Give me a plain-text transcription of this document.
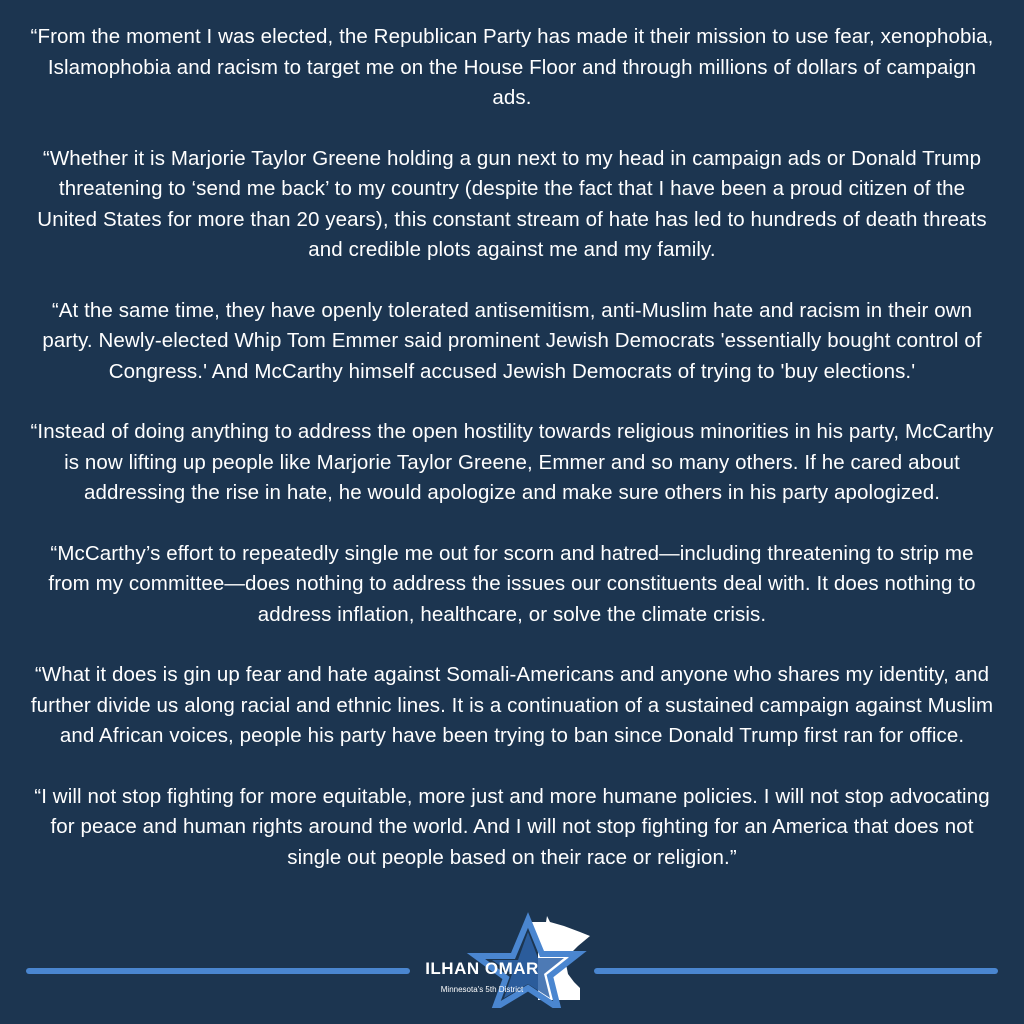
“From the moment I was elected, the Republican Party has made it their mission to use fear, xenophobia, Islamophobia and racism to target me on the House Floor and through millions of dollars of campaign ads.

“Whether it is Marjorie Taylor Greene holding a gun next to my head in campaign ads or Donald Trump threatening to ‘send me back’ to my country (despite the fact that I have been a proud citizen of the United States for more than 20 years), this constant stream of hate has led to hundreds of death threats and credible plots against me and my family.

“At the same time, they have openly tolerated antisemitism, anti-Muslim hate and racism in their own party. Newly-elected Whip Tom Emmer said prominent Jewish Democrats 'essentially bought control of Congress.' And McCarthy himself accused Jewish Democrats of trying to 'buy elections.'

“Instead of doing anything to address the open hostility towards religious minorities in his party, McCarthy is now lifting up people like Marjorie Taylor Greene, Emmer and so many others. If he cared about addressing the rise in hate, he would apologize and make sure others in his party apologized.

“McCarthy’s effort to repeatedly single me out for scorn and hatred—including threatening to strip me from my committee—does nothing to address the issues our constituents deal with. It does nothing to address inflation, healthcare, or solve the climate crisis.

“What it does is gin up fear and hate against Somali-Americans and anyone who shares my identity, and further divide us along racial and ethnic lines. It is a continuation of a sustained campaign against Muslim and African voices, people his party have been trying to ban since Donald Trump first ran for office.

“I will not stop fighting for more equitable, more just and more humane policies. I will not stop advocating for peace and human rights around the world. And I will not stop fighting for an America that does not single out people based on their race or religion.”

ILHAN OMAR
Minnesota's 5th District
